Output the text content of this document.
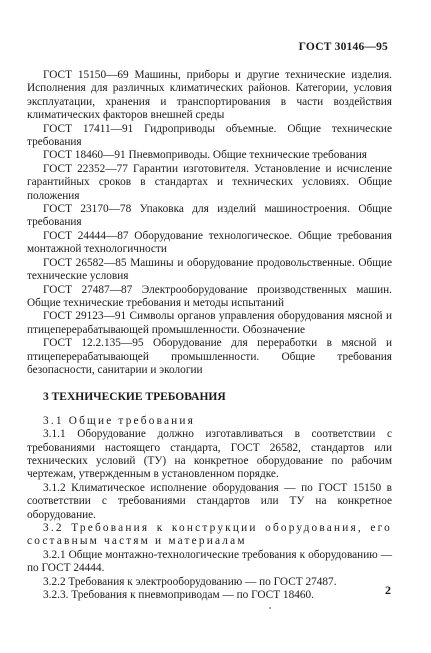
ГОСТ 30146—95

ГОСТ 15150—69 Машины, приборы и другие технические изделия. Исполнения для различных климатических районов. Категории, условия эксплуатации, хранения и транспортирования в части воздействия климатических факторов внешней среды

ГОСТ 17411—91 Гидроприводы объемные. Общие технические требования

ГОСТ 18460—91 Пневмоприводы. Общие технические требования

ГОСТ 22352—77 Гарантии изготовителя. Установление и исчисление гарантийных сроков в стандартах и технических условиях. Общие положения

ГОСТ 23170—78 Упаковка для изделий машиностроения. Общие требования

ГОСТ 24444—87 Оборудование технологическое. Общие требования монтажной технологичности

ГОСТ 26582—85 Машины и оборудование продовольственные. Общие технические условия

ГОСТ 27487—87 Электрооборудование производственных машин. Общие технические требования и методы испытаний

ГОСТ 29123—91 Символы органов управления оборудования мясной и птицеперерабатывающей промышленности. Обозначение

ГОСТ 12.2.135—95 Оборудование для переработки в мясной и птицеперерабатывающей промышленности. Общие требования безопасности, санитарии и экологии

3 ТЕХНИЧЕСКИЕ ТРЕБОВАНИЯ

3.1 Общие требования

3.1.1 Оборудование должно изготавливаться в соответствии с требованиями настоящего стандарта, ГОСТ 26582, стандартов или технических условий (ТУ) на конкретное оборудование по рабочим чертежам, утвержденным в установленном порядке.

3.1.2 Климатическое исполнение оборудования — по ГОСТ 15150 в соответствии с требованиями стандартов или ТУ на конкретное оборудование.

3.2 Требования к конструкции оборудования, его составным частям и материалам

3.2.1 Общие монтажно-технологические требования к оборудованию — по ГОСТ 24444.

3.2.2 Требования к электрооборудованию — по ГОСТ 27487.

3.2.3. Требования к пневмоприводам — по ГОСТ 18460.	2
